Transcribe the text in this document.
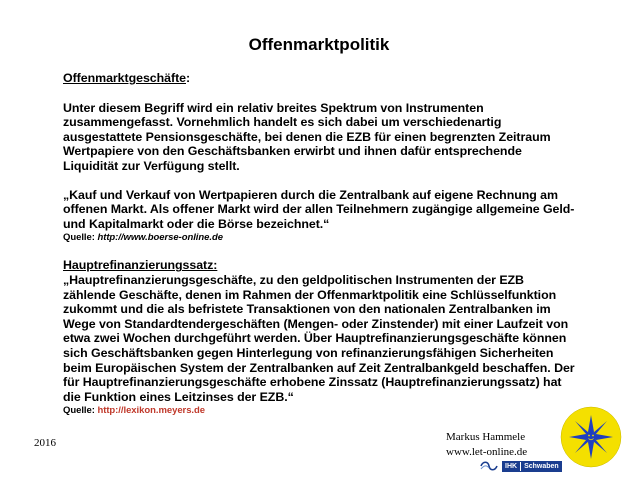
Offenmarktpolitik

Offenmarktgeschäfte:

Unter diesem Begriff wird ein relativ breites Spektrum von Instrumenten

zusammengefasst. Vornehmlich handelt es sich dabei um verschiedenartig

ausgestattete Pensionsgeschäfte, bei denen die EZB für einen begrenzten Zeitraum

Wertpapiere von den Geschäftsbanken erwirbt und ihnen dafür entsprechende

Liquidität zur Verfügung stellt.

„Kauf und Verkauf von Wertpapieren durch die Zentralbank auf eigene Rechnung am

offenen Markt. Als offener Markt wird der allen Teilnehmern zugängige allgemeine Geld-

und Kapitalmarkt oder die Börse bezeichnet.“

Quelle: http://www.boerse-online.de

Hauptrefinanzierungssatz:

„Hauptrefinanzierungsgeschäfte, zu den geldpolitischen Instrumenten der EZB

zählende Geschäfte, denen im Rahmen der Offenmarktpolitik eine Schlüsselfunktion

zukommt und die als befristete Transaktionen von den nationalen Zentralbanken im

Wege von Standardtendergeschäften (Mengen- oder Zinstender) mit einer Laufzeit von

etwa zwei Wochen durchgeführt werden. Über Hauptrefinanzierungsgeschäfte können

sich Geschäftsbanken gegen Hinterlegung von refinanzierungsfähigen Sicherheiten

beim Europäischen System der Zentralbanken auf Zeit Zentralbankgeld beschaffen. Der

für Hauptrefinanzierungsgeschäfte erhobene Zinssatz (Hauptrefinanzierungssatz) hat

die Funktion eines Leitzinses der EZB.“

Quelle: http://lexikon.meyers.de

2016	Markus Hammele
www.let-online.de
IHK Schwaben
